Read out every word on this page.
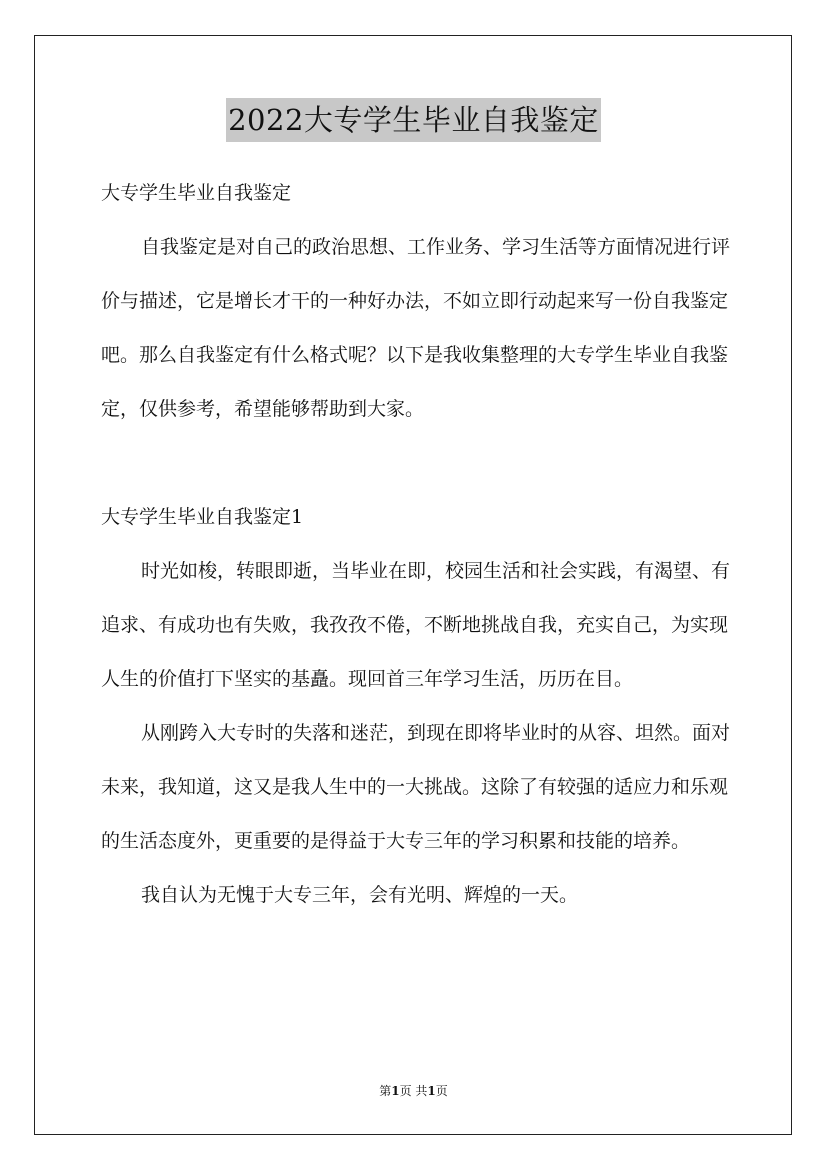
2022大专学生毕业自我鉴定

大专学生毕业自我鉴定

自我鉴定是对自己的政治思想、工作业务、学习生活等方面情况进行评价与描述，它是增长才干的一种好办法，不如立即行动起来写一份自我鉴定吧。那么自我鉴定有什么格式呢？以下是我收集整理的大专学生毕业自我鉴定，仅供参考，希望能够帮助到大家。

大专学生毕业自我鉴定1

时光如梭，转眼即逝，当毕业在即，校园生活和社会实践，有渴望、有追求、有成功也有失败，我孜孜不倦，不断地挑战自我，充实自己，为实现人生的价值打下坚实的基矗。现回首三年学习生活，历历在目。

从刚跨入大专时的失落和迷茫，到现在即将毕业时的从容、坦然。面对未来，我知道，这又是我人生中的一大挑战。这除了有较强的适应力和乐观的生活态度外，更重要的是得益于大专三年的学习积累和技能的培养。

我自认为无愧于大专三年，会有光明、辉煌的一天。

第1页 共1页
